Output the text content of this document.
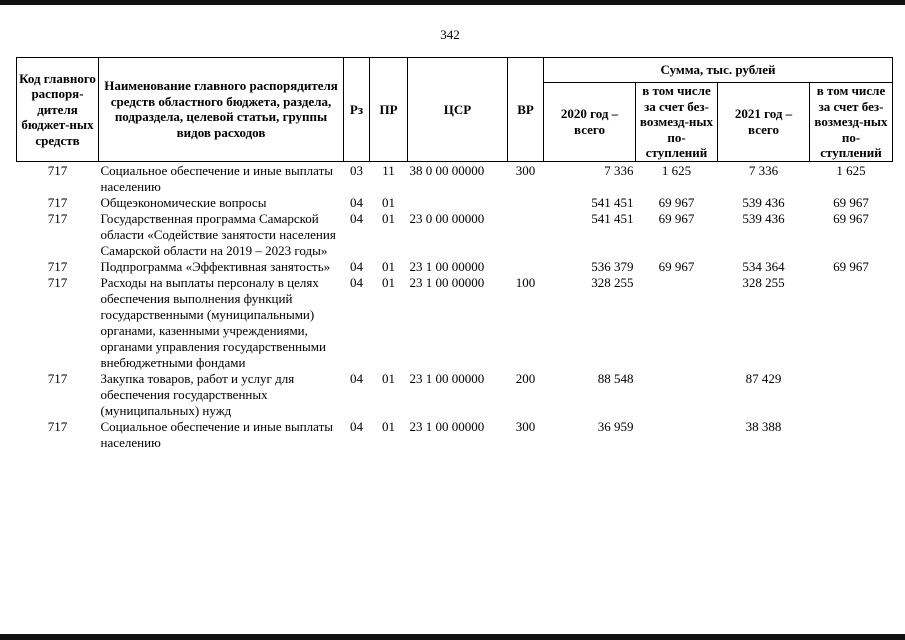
342
Код главного распоря-дителя бюджет-ных средств	Наименование главного распорядителя средств областного бюджета, раздела, подраздела, целевой статьи, группы видов расходов	Рз	ПР	ЦСР	ВР	Сумма, тыс. рублей			
						2020 год – всего	в том числе за счет без-возмезд-ных по-ступлений	2021 год – всего	в том числе за счет без-возмезд-ных по-ступлений
717	Социальное обеспечение и иные выплаты населению	03	11	38 0 00 00000	300	7 336	1 625	7 336	1 625
717	Общеэкономические вопросы	04	01			541 451	69 967	539 436	69 967
717	Государственная программа Самарской области «Содействие занятости населения Самарской области на 2019 – 2023 годы»	04	01	23 0 00 00000		541 451	69 967	539 436	69 967
717	Подпрограмма «Эффективная занятость»	04	01	23 1 00 00000		536 379	69 967	534 364	69 967
717	Расходы на выплаты персоналу в целях обеспечения выполнения функций государственными (муниципальными) органами, казенными учреждениями, органами управления государственными внебюджетными фондами	04	01	23 1 00 00000	100	328 255		328 255	
717	Закупка товаров, работ и услуг для обеспечения государственных (муниципальных) нужд	04	01	23 1 00 00000	200	88 548		87 429	
717	Социальное обеспечение и иные выплаты населению	04	01	23 1 00 00000	300	36 959		38 388	
